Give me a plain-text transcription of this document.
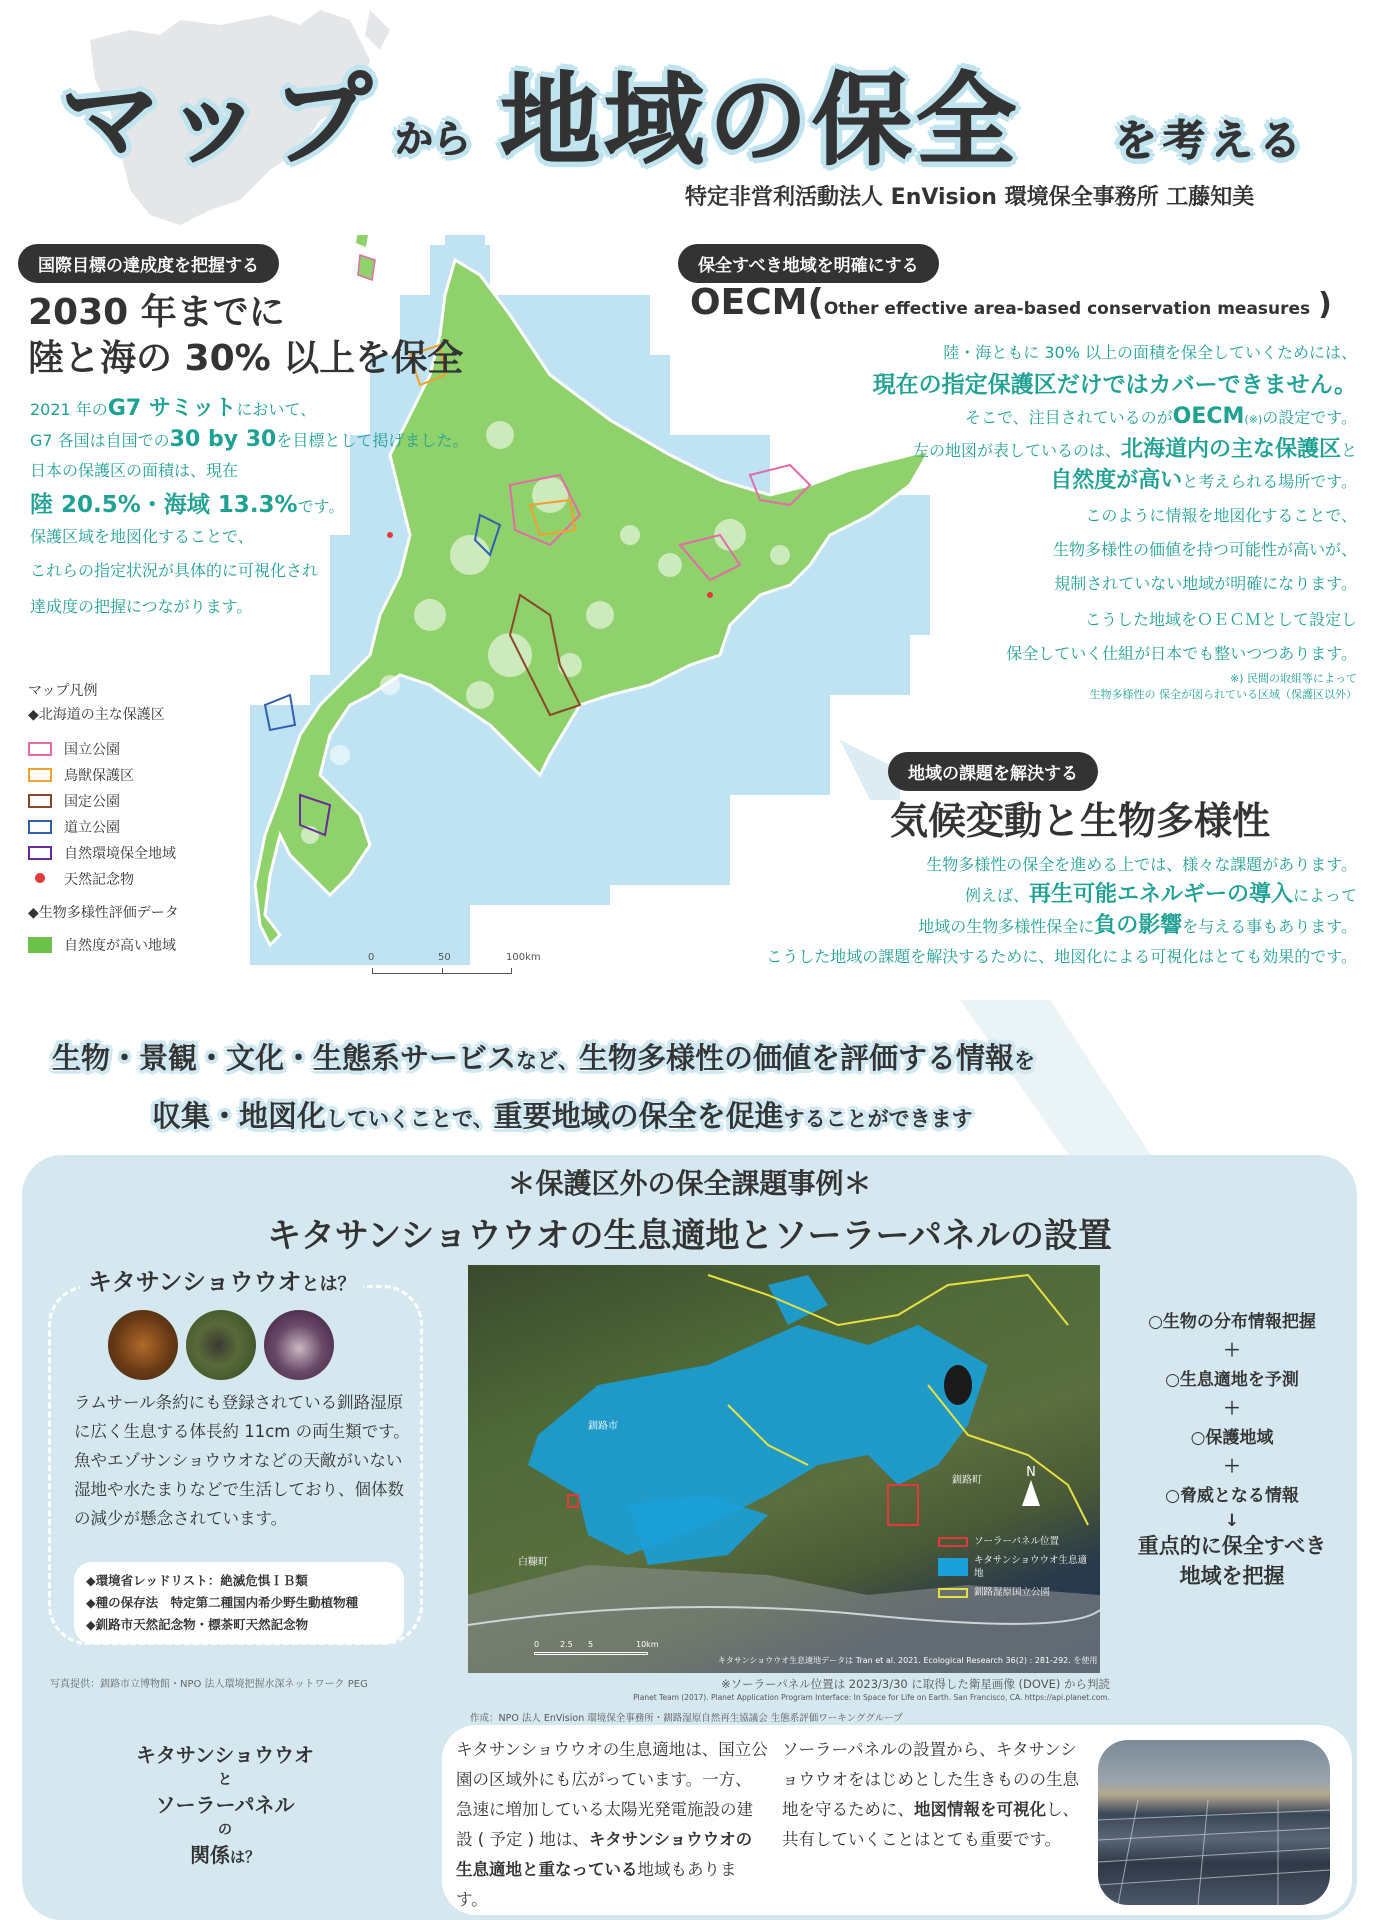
マップ から 地域の保全 を考える
特定非営利活動法人 EnVision 環境保全事務所 工藤知美
国際目標の達成度を把握する
2030 年までに
陸と海の 30% 以上を保全
2021 年のG7 サミットにおいて、
G7 各国は自国での30 by 30を目標として掲げました。
日本の保護区の面積は、現在
陸 20.5%・海域 13.3%です。
保護区域を地図化することで、
これらの指定状況が具体的に可視化され
達成度の把握につながります。
マップ凡例
◆北海道の主な保護区
国立公園
鳥獣保護区
国定公園
道立公園
自然環境保全地域
天然記念物
◆生物多様性評価データ
自然度が高い地域
0	50	100km
保全すべき地域を明確にする
OECM(Other effective area-based conservation measures )
陸・海ともに 30% 以上の面積を保全していくためには、
現在の指定保護区だけではカバーできません。
そこで、注目されているのがOECM(※)の設定です。
左の地図が表しているのは、北海道内の主な保護区と
自然度が高いと考えられる場所です。
このように情報を地図化することで、
生物多様性の価値を持つ可能性が高いが、
規制されていない地域が明確になります。
こうした地域をＯＥＣＭとして設定し
保全していく仕組が日本でも整いつつあります。
※) 民間の取組等によって
生物多様性の 保全が図られている区域（保護区以外）
地域の課題を解決する
気候変動と生物多様性
生物多様性の保全を進める上では、様々な課題があります。
例えば、再生可能エネルギーの導入によって
地域の生物多様性保全に負の影響を与える事もあります。
こうした地域の課題を解決するために、地図化による可視化はとても効果的です。
生物・景観・文化・生態系サービスなど、生物多様性の価値を評価する情報を
収集・地図化していくことで、重要地域の保全を促進することができます
＊保護区外の保全課題事例＊
キタサンショウウオの生息適地とソーラーパネルの設置
キタサンショウウオとは？
ラムサール条約にも登録されている釧路湿原に広く生息する体長約 11cm の両生類です。魚やエゾサンショウウオなどの天敵がいない湿地や水たまりなどで生活しており、個体数の減少が懸念されています。
◆環境省レッドリスト：絶滅危惧ＩＢ類
◆種の保存法　特定第二種国内希少野生動植物種
◆釧路市天然記念物・標茶町天然記念物
写真提供：釧路市立博物館・NPO 法人環境把握水深ネットワーク PEG
釧路市
釧路町
白糠町
N
ソーラーパネル位置
キタサンショウウオ生息適地
釧路湿原国立公園
0	2.5 5	10km
キタサンショウウオ生息適地データは Tran et al. 2021. Ecological Research 36(2) : 281-292. を使用
※ソーラーパネル位置は 2023/3/30 に取得した衛星画像 (DOVE) から判読
Planet Team (2017). Planet Application Program Interface: In Space for Life on Earth. San Francisco, CA. https://api.planet.com.
作成：NPO 法人 EnVision 環境保全事務所・釧路湿原自然再生協議会 生態系評価ワーキンググループ
○生物の分布情報把握
＋
○生息適地を予測
＋
○保護地域
＋
○脅威となる情報
↓
重点的に保全すべき
地域を把握
キタサンショウウオ
と
ソーラーパネル
の
関係は？
キタサンショウウオの生息適地は、国立公園の区域外にも広がっています。一方、急速に増加している太陽光発電施設の建設 ( 予定 ) 地は、キタサンショウウオの生息適地と重なっている地域もあります。
ソーラーパネルの設置から、キタサンショウウオをはじめとした生きものの生息地を守るために、地図情報を可視化し、共有していくことはとても重要です。
